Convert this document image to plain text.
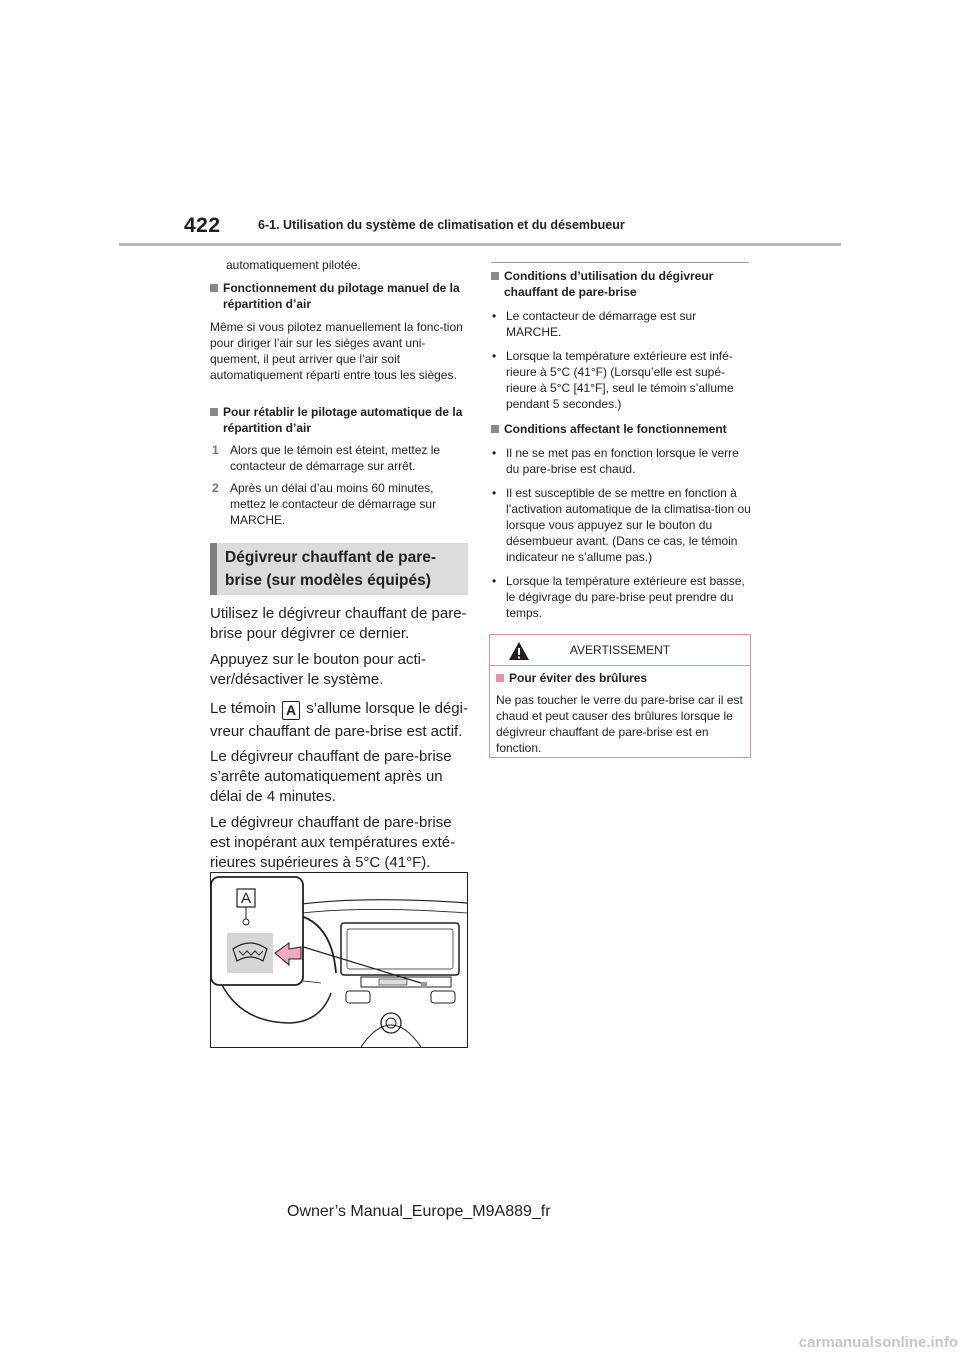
422	6-1. Utilisation du système de climatisation et du désembueur

automatiquement pilotée.

Fonctionnement du pilotage manuel de la répartition d’air

Même si vous pilotez manuellement la fonc-tion pour diriger l’air sur les sièges avant uni-quement, il peut arriver que l’air soit automatiquement réparti entre tous les sièges.

Pour rétablir le pilotage automatique de la répartition d’air

1 Alors que le témoin est éteint, mettez le contacteur de démarrage sur arrêt.

2 Après un délai d’au moins 60 minutes, mettez le contacteur de démarrage sur MARCHE.

Dégivreur chauffant de pare-
brise (sur modèles équipés)

Utilisez le dégivreur chauffant de pare-brise pour dégivrer ce dernier.

Appuyez sur le bouton pour acti-ver/désactiver le système.

Le témoin A s’allume lorsque le dégi-vreur chauffant de pare-brise est actif.

Le dégivreur chauffant de pare-brise s’arrête automatiquement après un délai de 4 minutes.

Le dégivreur chauffant de pare-brise est inopérant aux températures exté-rieures supérieures à 5°C (41°F).

A

Conditions d’utilisation du dégivreur chauffant de pare-brise

• Le contacteur de démarrage est sur MARCHE.

• Lorsque la température extérieure est infé-rieure à 5°C (41°F) (Lorsqu’elle est supé-rieure à 5°C [41°F], seul le témoin s’allume pendant 5 secondes.)

Conditions affectant le fonctionnement

• Il ne se met pas en fonction lorsque le verre du pare-brise est chaud.

• Il est susceptible de se mettre en fonction à l’activation automatique de la climatisa-tion ou lorsque vous appuyez sur le bouton du désembueur avant. (Dans ce cas, le témoin indicateur ne s’allume pas.)

• Lorsque la température extérieure est basse, le dégivrage du pare-brise peut prendre du temps.

AVERTISSEMENT

Pour éviter des brûlures

Ne pas toucher le verre du pare-brise car il est chaud et peut causer des brûlures lorsque le dégivreur chauffant de pare-brise est en fonction.

Owner’s Manual_Europe_M9A889_fr
carmanualsonline.info
